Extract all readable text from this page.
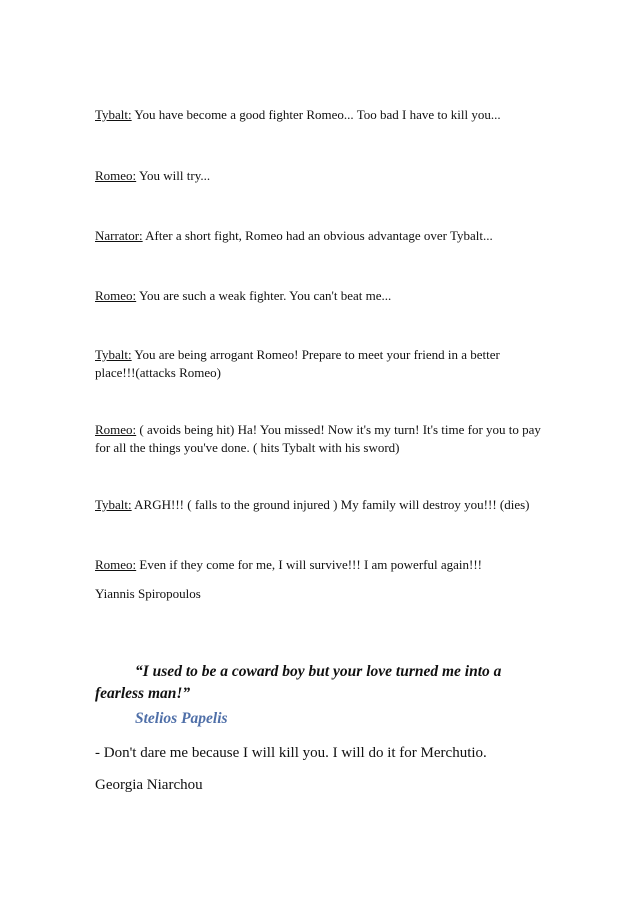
Tybalt: You have become a good fighter Romeo... Too bad I have to kill you...
Romeo: You will try...
Narrator: After a short fight, Romeo had an obvious advantage over Tybalt...
Romeo: You are such a weak fighter. You can't beat me...
Tybalt: You are being arrogant Romeo! Prepare to meet your friend in a better place!!!(attacks Romeo)
Romeo: ( avoids being hit) Ha! You missed! Now it's my turn! It's time for you to pay for all the things you've done. ( hits Tybalt with his sword)
Tybalt: ARGH!!! ( falls to the ground injured ) My family will destroy you!!! (dies)
Romeo: Even if they come for me, I will survive!!! I am powerful again!!!
Yiannis Spiropoulos
“I used to be a coward boy but your love turned me into a fearless man!”
Stelios Papelis
- Don't dare me because I will kill you. I will do it for Merchutio.
Georgia Niarchou
